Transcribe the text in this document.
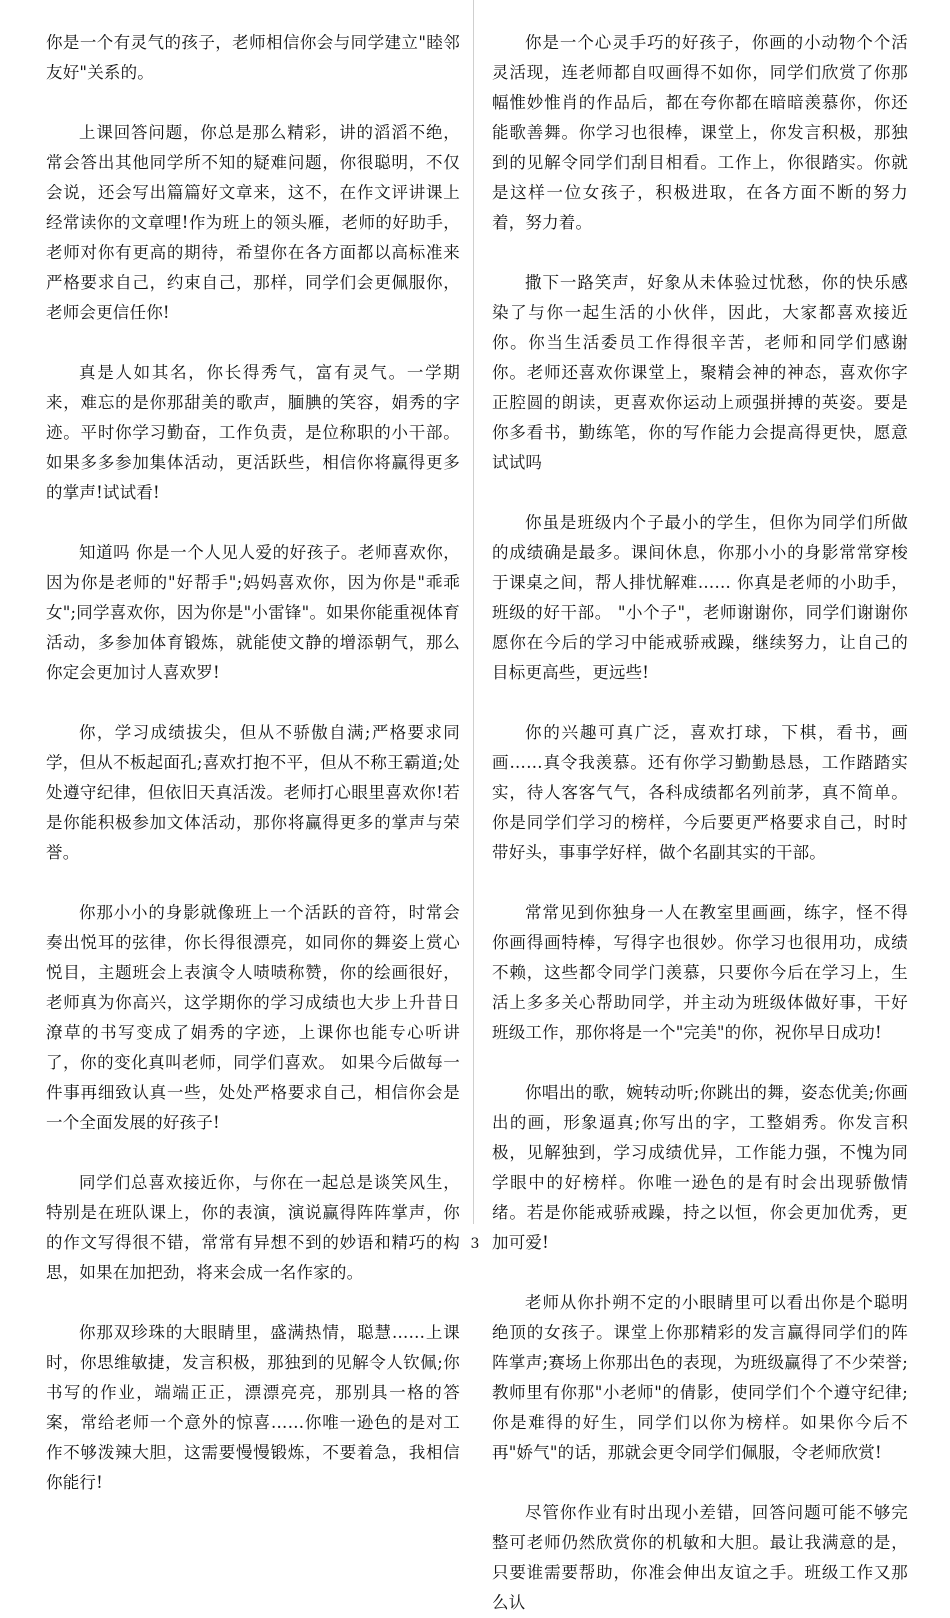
你是一个有灵气的孩子，老师相信你会与同学建立"睦邻友好"关系的。

上课回答问题，你总是那么精彩，讲的滔滔不绝，常会答出其他同学所不知的疑难问题，你很聪明，不仅会说，还会写出篇篇好文章来，这不，在作文评讲课上经常读你的文章哩!作为班上的领头雁，老师的好助手，老师对你有更高的期待，希望你在各方面都以高标准来严格要求自己，约束自己，那样，同学们会更佩服你，老师会更信任你!

真是人如其名，你长得秀气，富有灵气。一学期来，难忘的是你那甜美的歌声，腼腆的笑容，娟秀的字迹。平时你学习勤奋，工作负责，是位称职的小干部。如果多多参加集体活动，更活跃些，相信你将赢得更多的掌声!试试看!

知道吗 你是一个人见人爱的好孩子。老师喜欢你，因为你是老师的"好帮手";妈妈喜欢你，因为你是"乖乖女";同学喜欢你，因为你是"小雷锋"。如果你能重视体育活动，多参加体育锻炼，就能使文静的增添朝气，那么你定会更加讨人喜欢罗!

你，学习成绩拔尖，但从不骄傲自满;严格要求同学，但从不板起面孔;喜欢打抱不平，但从不称王霸道;处处遵守纪律，但依旧天真活泼。老师打心眼里喜欢你!若是你能积极参加文体活动，那你将赢得更多的掌声与荣誉。

你那小小的身影就像班上一个活跃的音符，时常会奏出悦耳的弦律，你长得很漂亮，如同你的舞姿上赏心悦目，主题班会上表演令人啧啧称赞，你的绘画很好，老师真为你高兴，这学期你的学习成绩也大步上升昔日潦草的书写变成了娟秀的字迹，上课你也能专心听讲了，你的变化真叫老师，同学们喜欢。 如果今后做每一件事再细致认真一些，处处严格要求自己，相信你会是一个全面发展的好孩子!

同学们总喜欢接近你，与你在一起总是谈笑风生，特别是在班队课上，你的表演，演说赢得阵阵掌声，你的作文写得很不错，常常有异想不到的妙语和精巧的构思，如果在加把劲，将来会成一名作家的。

你那双珍珠的大眼睛里，盛满热情，聪慧……上课时，你思维敏捷，发言积极，那独到的见解令人钦佩;你书写的作业，端端正正，漂漂亮亮，那别具一格的答案，常给老师一个意外的惊喜……你唯一逊色的是对工作不够泼辣大胆，这需要慢慢锻炼，不要着急，我相信你能行!

你是一个心灵手巧的好孩子，你画的小动物个个活灵活现，连老师都自叹画得不如你，同学们欣赏了你那幅惟妙惟肖的作品后，都在夸你都在暗暗羡慕你，你还能歌善舞。你学习也很棒，课堂上，你发言积极，那独到的见解令同学们刮目相看。工作上，你很踏实。你就是这样一位女孩子，积极进取，在各方面不断的努力着，努力着。

撒下一路笑声，好象从未体验过忧愁，你的快乐感染了与你一起生活的小伙伴，因此，大家都喜欢接近你。你当生活委员工作得很辛苦，老师和同学们感谢你。老师还喜欢你课堂上，聚精会神的神态，喜欢你字正腔圆的朗读，更喜欢你运动上顽强拼搏的英姿。要是你多看书，勤练笔，你的写作能力会提高得更快，愿意试试吗

你虽是班级内个子最小的学生，但你为同学们所做的成绩确是最多。课间休息，你那小小的身影常常穿梭于课桌之间，帮人排忧解难…… 你真是老师的小助手，班级的好干部。 "小个子"，老师谢谢你，同学们谢谢你愿你在今后的学习中能戒骄戒躁，继续努力，让自己的目标更高些，更远些!

你的兴趣可真广泛，喜欢打球，下棋，看书，画画……真令我羡慕。还有你学习勤勤恳恳，工作踏踏实实，待人客客气气，各科成绩都名列前茅，真不简单。 你是同学们学习的榜样，今后要更严格要求自己，时时带好头，事事学好样，做个名副其实的干部。

常常见到你独身一人在教室里画画，练字，怪不得你画得画特棒，写得字也很妙。你学习也很用功，成绩不赖，这些都令同学门羡慕，只要你今后在学习上，生活上多多关心帮助同学，并主动为班级体做好事，干好班级工作，那你将是一个"完美"的你，祝你早日成功!

你唱出的歌，婉转动听;你跳出的舞，姿态优美;你画出的画，形象逼真;你写出的字，工整娟秀。你发言积极，见解独到，学习成绩优异，工作能力强，不愧为同学眼中的好榜样。你唯一逊色的是有时会出现骄傲情绪。若是你能戒骄戒躁，持之以恒，你会更加优秀，更加可爱!

老师从你扑朔不定的小眼睛里可以看出你是个聪明绝顶的女孩子。课堂上你那精彩的发言赢得同学们的阵阵掌声;赛场上你那出色的表现，为班级赢得了不少荣誉;教师里有你那"小老师"的倩影，使同学们个个遵守纪律;你是难得的好生，同学们以你为榜样。如果你今后不再"娇气"的话，那就会更令同学们佩服，令老师欣赏!

尽管你作业有时出现小差错，回答问题可能不够完整可老师仍然欣赏你的机敏和大胆。最让我满意的是，只要谁需要帮助，你准会伸出友谊之手。班级工作又那么认

3
